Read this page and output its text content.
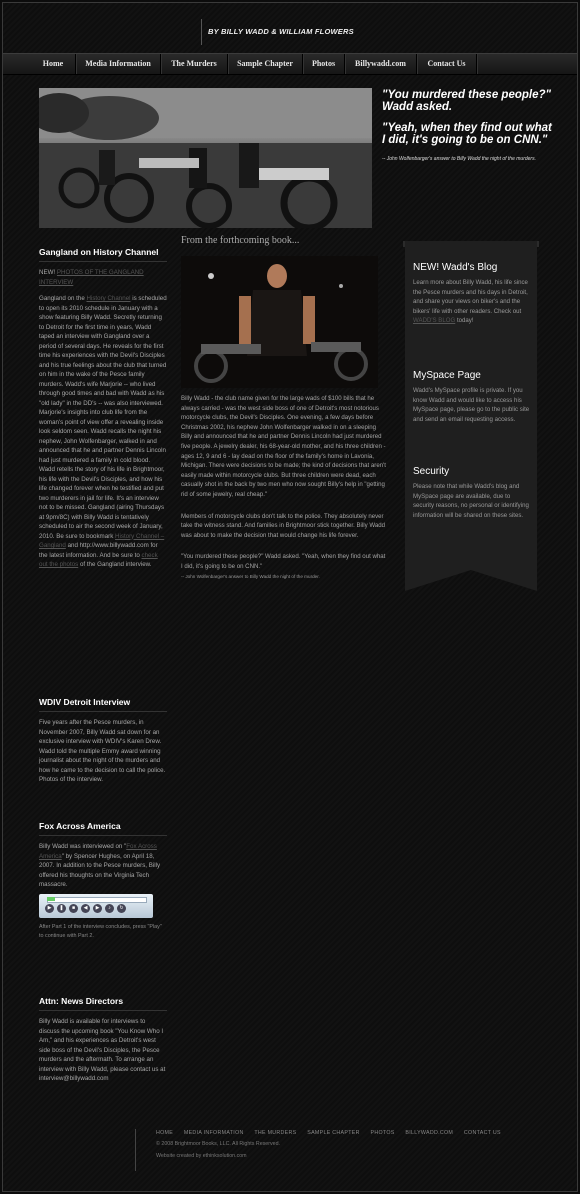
BY BILLY WADD & WILLIAM FLOWERS
Home	Media Information	The Murders	Sample Chapter	Photos	Billywadd.com	Contact Us

"You murdered these people?" Wadd asked.

"Yeah, when they find out what I did, it's going to be on CNN."

-- John Wolfenbarger's answer to Billy Wadd the night of the murders.

Gangland on History Channel

NEW! PHOTOS OF THE GANGLAND INTERVIEW

Gangland on the History Channel is scheduled to open its 2010 schedule in January with a show featuring Billy Wadd. Secretly returning to Detroit for the first time in years, Wadd taped an interview with Gangland over a period of several days. He reveals for the first time his experiences with the Devil's Disciples and his true feelings about the club that turned on him in the wake of the Pesce family murders. Wadd's wife Marjorie -- who lived through good times and bad with Wadd as his "old lady" in the DD's -- was also interviewed. Marjorie's insights into club life from the woman's point of view offer a revealing inside look seldom seen. Wadd recalls the night his nephew, John Wolfenbarger, walked in and announced that he and partner Dennis Lincoln had just murdered a family in cold blood. Wadd retells the story of his life in Brightmoor, his life with the Devil's Disciples, and how his life changed forever when he testified and put two murderers in jail for life. It's an interview not to be missed. Gangland (airing Thursdays at 9pm/8C) with Billy Wadd is tentatively scheduled to air the second week of January, 2010. Be sure to bookmark History Channel – Gangland and http://www.billywadd.com for the latest information. And be sure to check out the photos of the Gangland interview.

WDIV Detroit Interview

Five years after the Pesce murders, in November 2007, Billy Wadd sat down for an exclusive interview with WDIV's Karen Drew. Wadd told the multiple Emmy award winning journalist about the night of the murders and how he came to the decision to call the police. Photos of the interview.

Fox Across America

Billy Wadd was interviewed on "Fox Across America" by Spencer Hughes, on April 18, 2007. In addition to the Pesce murders, Billy offered his thoughts on the Virginia Tech massacre.

▶	❚	■	◀	▶	♪	↻

After Part 1 of the interview concludes, press "Play" to continue with Part 2.

Attn: News Directors

Billy Wadd is available for interviews to discuss the upcoming book "You Know Who I Am," and his experiences as Detroit's west side boss of the Devil's Disciples, the Pesce murders and the aftermath. To arrange an interview with Billy Wadd, please contact us at interview@billywadd.com

From the forthcoming book...

Billy Wadd - the club name given for the large wads of $100 bills that he always carried - was the west side boss of one of Detroit's most notorious motorcycle clubs, the Devil's Disciples. One evening, a few days before Christmas 2002, his nephew John Wolfenbarger walked in on a sleeping Billy and announced that he and partner Dennis Lincoln had just murdered five people. A jewelry dealer, his 68-year-old mother, and his three children - ages 12, 9 and 6 - lay dead on the floor of the family's home in Lavonia, Michigan. There were decisions to be made; the kind of decisions that aren't easily made within motorcycle clubs. But three children were dead, each casually shot in the back by two men who now sought Billy's help in "getting rid of some jewelry, real cheap."

Members of motorcycle clubs don't talk to the police. They absolutely never take the witness stand. And families in Brightmoor stick together. Billy Wadd was about to make the decision that would change his life forever.

"You murdered these people?" Wadd asked. "Yeah, when they find out what I did, it's going to be on CNN."

-- John Wolfenbarger's answer to Billy Wadd the night of the murder.

NEW! Wadd's Blog

Learn more about Billy Wadd, his life since the Pesce murders and his days in Detroit, and share your views on biker's and the bikers' life with other readers. Check out WADD'S BLOG today!

MySpace Page

Wadd's MySpace profile is private. If you know Wadd and would like to access his MySpace page, please go to the public site and send an email requesting access.

Security

Please note that while Wadd's blog and MySpace page are available, due to security reasons, no personal or identifying information will be shared on these sites.

HOME MEDIA INFORMATION THE MURDERS SAMPLE CHAPTER PHOTOS BILLYWADD.COM CONTACT US
© 2008 Brightmoor Books, LLC. All Rights Reserved.
Website created by ethinksolution.com
